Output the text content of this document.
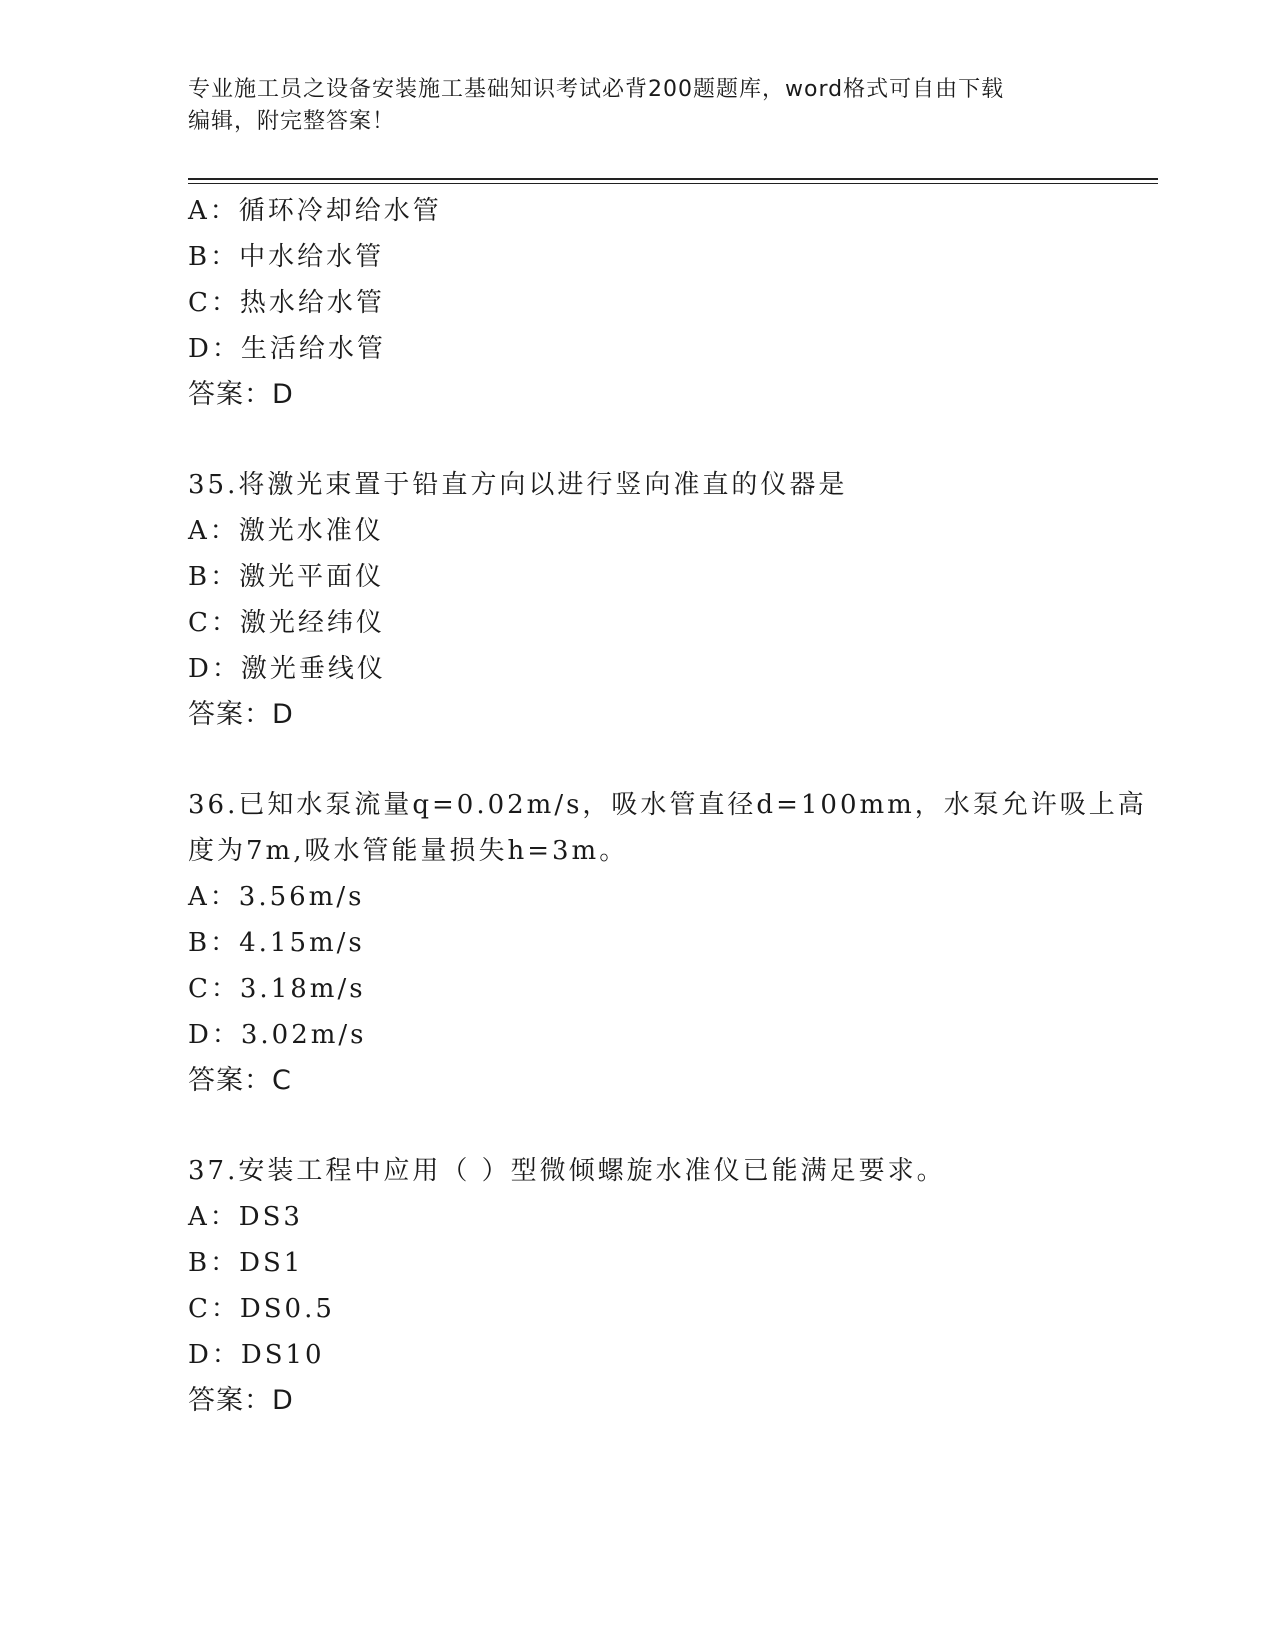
专业施工员之设备安装施工基础知识考试必背200题题库，word格式可自由下载
编辑，附完整答案！
A：循环冷却给水管
B：中水给水管
C：热水给水管
D：生活给水管
答案：D
35.将激光束置于铅直方向以进行竖向准直的仪器是
A：激光水准仪
B：激光平面仪
C：激光经纬仪
D：激光垂线仪
答案：D
36.已知水泵流量q=0.02m/s，吸水管直径d=100mm，水泵允许吸上高
度为7m,吸水管能量损失h=3m。
A：3.56m/s
B：4.15m/s
C：3.18m/s
D：3.02m/s
答案：C
37.安装工程中应用（ ）型微倾螺旋水准仪已能满足要求。
A：DS3
B：DS1
C：DS0.5
D：DS10
答案：D
